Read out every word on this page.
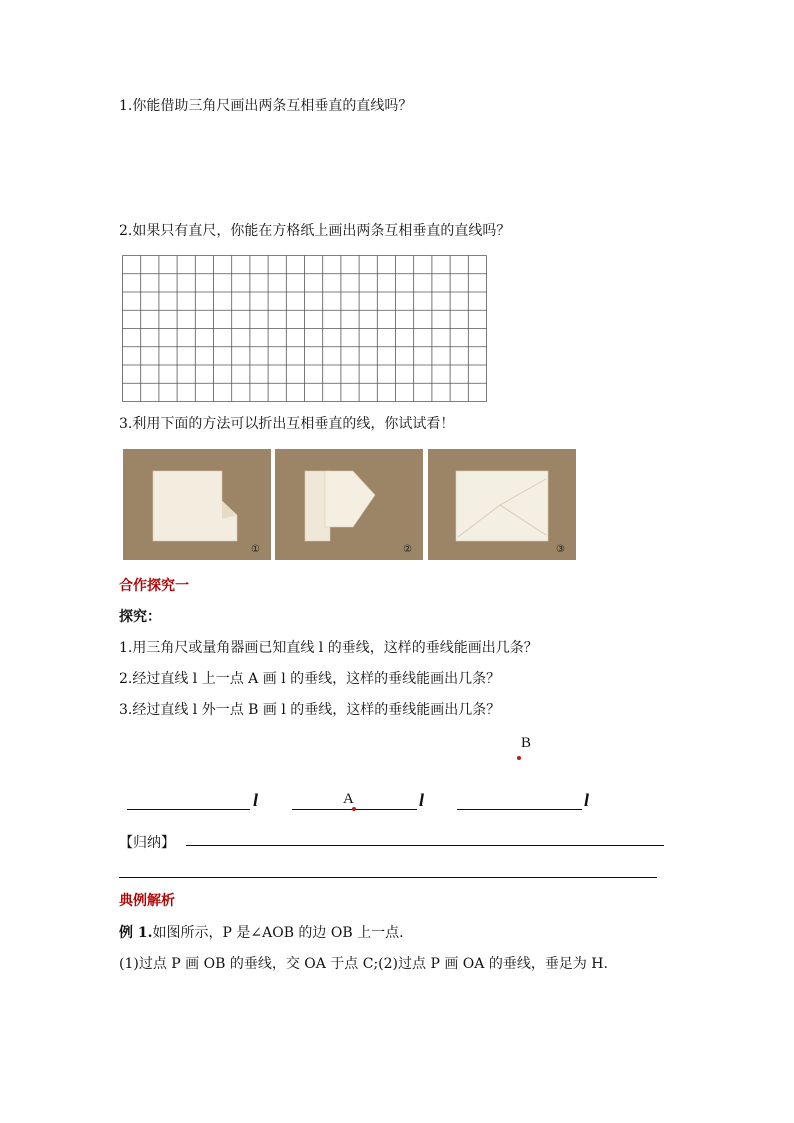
1.你能借助三角尺画出两条互相垂直的直线吗？
2.如果只有直尺，你能在方格纸上画出两条互相垂直的直线吗？
3.利用下面的方法可以折出互相垂直的线，你试试看！
①	②	③
合作探究一
探究：
1.用三角尺或量角器画已知直线 l 的垂线，这样的垂线能画出几条？
2.经过直线 l 上一点 A 画 l 的垂线，这样的垂线能画出几条？
3.经过直线 l 外一点 B 画 l 的垂线，这样的垂线能画出几条？
B
l	l
A	l
【归纳】
典例解析
例 1.如图所示，P 是∠AOB 的边 OB 上一点.
(1)过点 P 画 OB 的垂线，交 OA 于点 C;(2)过点 P 画 OA 的垂线，垂足为 H.
